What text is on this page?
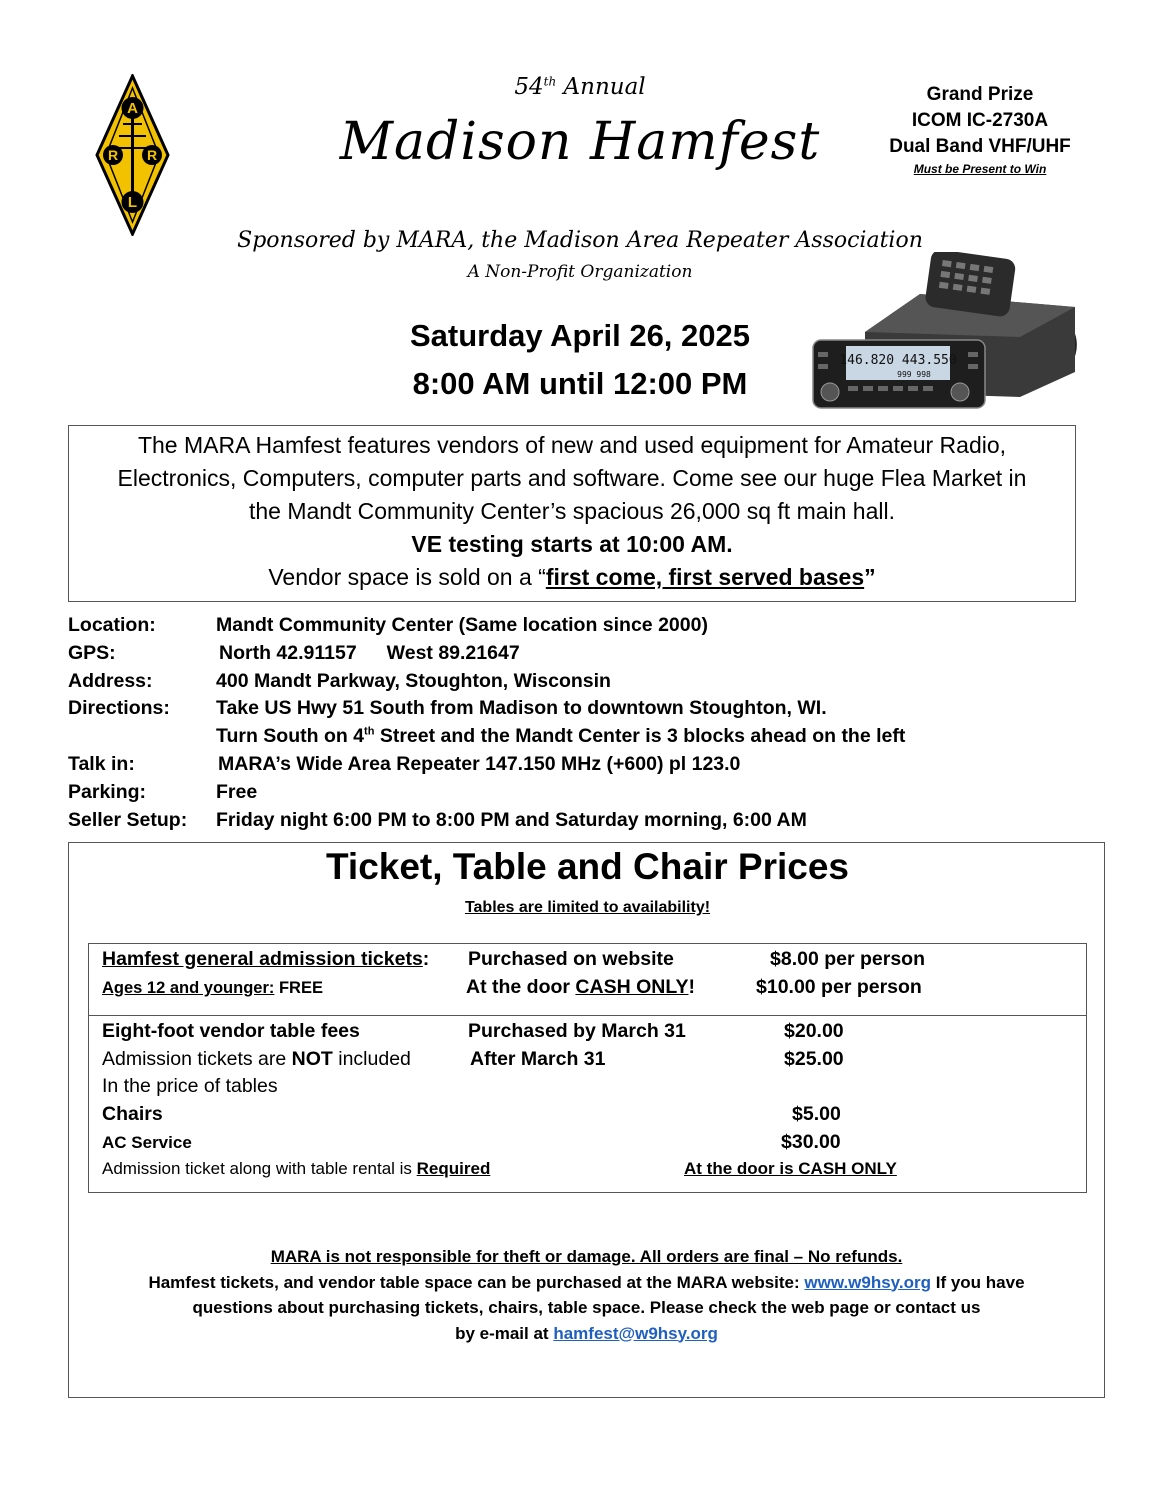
A
R R
L
54th Annual
Madison Hamfest
Grand Prize
ICOM IC-2730A
Dual Band VHF/UHF
Must be Present to Win
Sponsored by MARA, the Madison Area Repeater Association
A Non-Profit Organization
Saturday April 26, 2025
8:00 AM until 12:00 PM
146.820 443.550
999 998
The MARA Hamfest features vendors of new and used equipment for Amateur Radio,
Electronics, Computers, computer parts and software. Come see our huge Flea Market in
the Mandt Community Center’s spacious 26,000 sq ft main hall.
VE testing starts at 10:00 AM.
Vendor space is sold on a “first come, first served bases”
Location:	Mandt Community Center (Same location since 2000)
GPS:	North 42.91157 West 89.21647
Address:	400 Mandt Parkway, Stoughton, Wisconsin
Directions:	Take US Hwy 51 South from Madison to downtown Stoughton, WI.
Turn South on 4th Street and the Mandt Center is 3 blocks ahead on the left
Talk in:	MARA’s Wide Area Repeater 147.150 MHz (+600) pl 123.0
Parking:	Free
Seller Setup:	Friday night 6:00 PM to 8:00 PM and Saturday morning, 6:00 AM
Ticket, Table and Chair Prices
Tables are limited to availability!
Hamfest general admission tickets: Purchased on website	$8.00 per person
Ages 12 and younger: FREE	At the door CASH ONLY!	$10.00 per person
Eight-foot vendor table fees	Purchased by March 31	$20.00
Admission tickets are NOT included	After March 31	$25.00
In the price of tables
Chairs	$5.00
AC Service	$30.00
Admission ticket along with table rental is Required	At the door is CASH ONLY
MARA is not responsible for theft or damage. All orders are final – No refunds.
Hamfest tickets, and vendor table space can be purchased at the MARA website: www.w9hsy.org If you have
questions about purchasing tickets, chairs, table space. Please check the web page or contact us
by e-mail at hamfest@w9hsy.org
